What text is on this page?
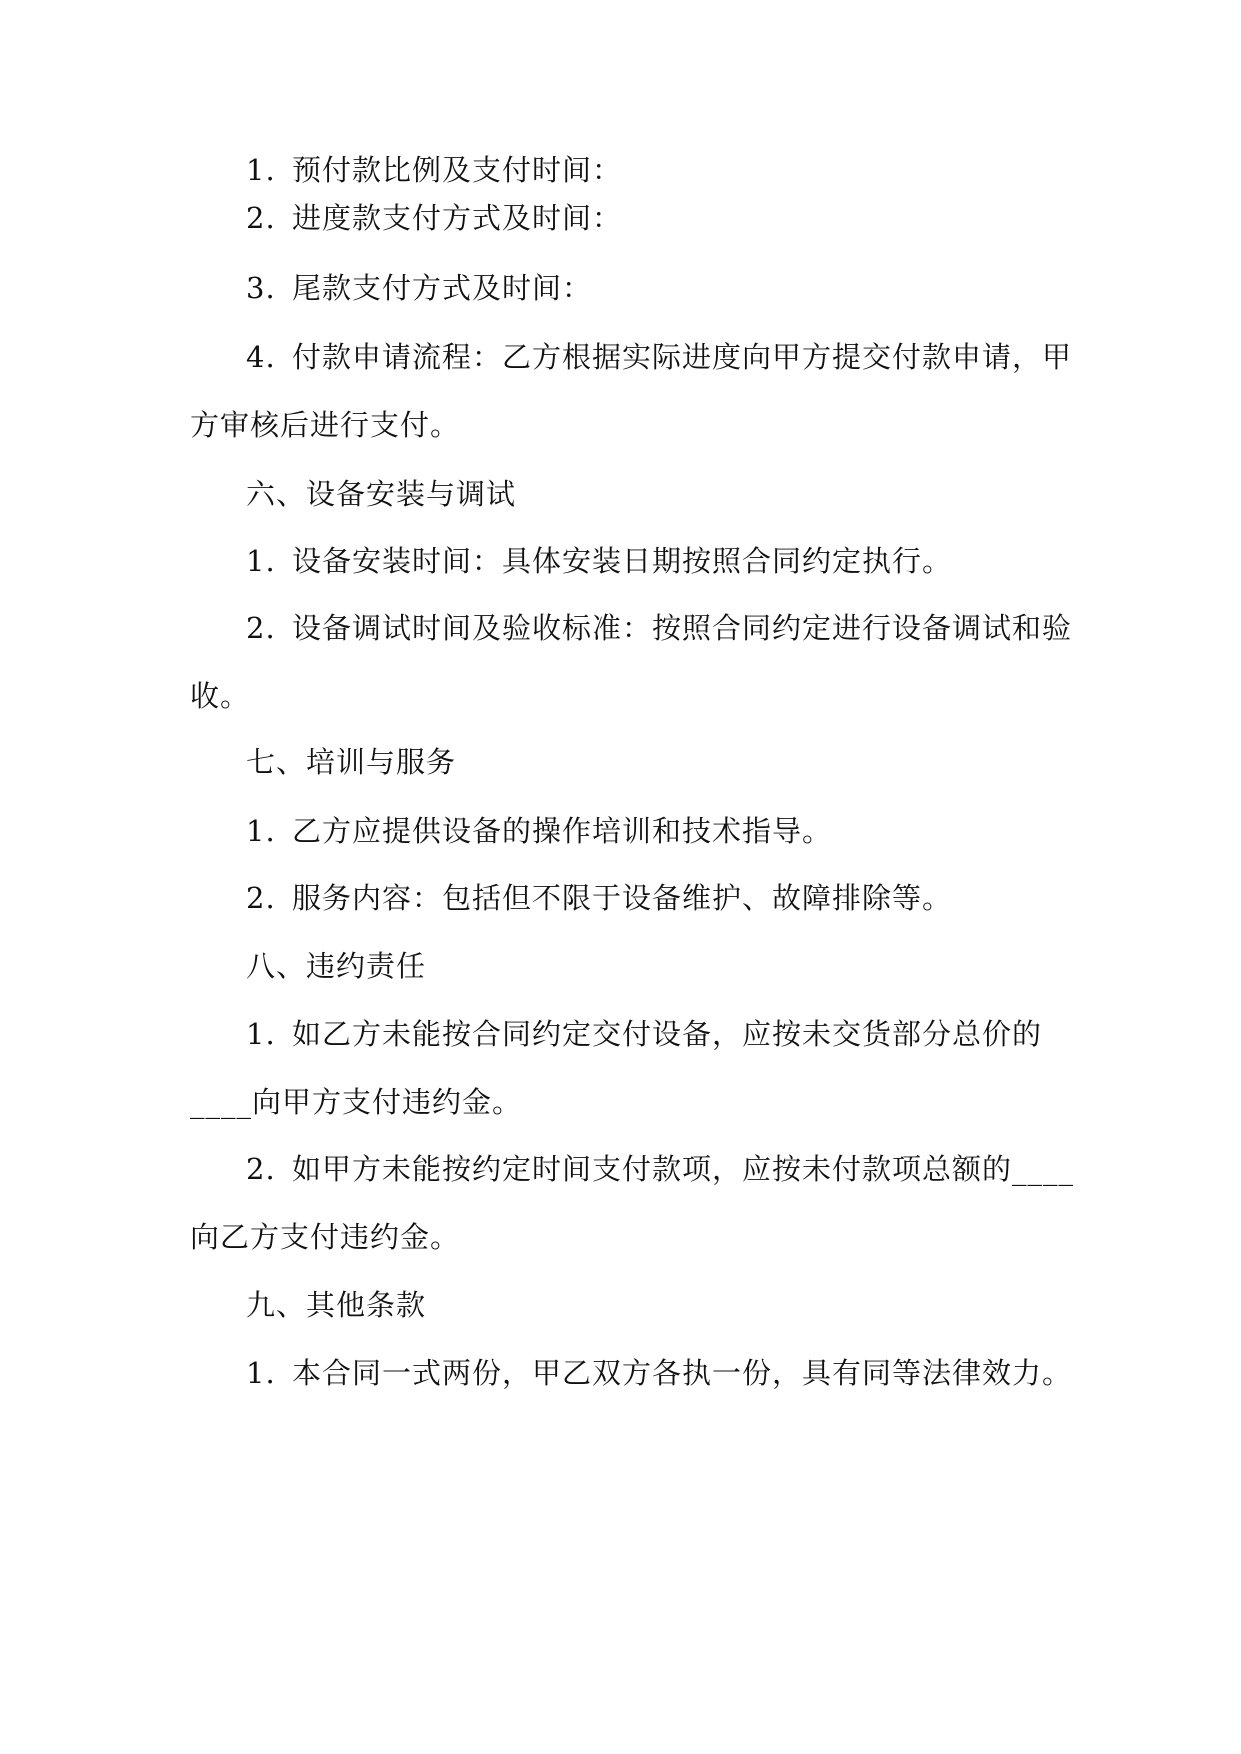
1. 预付款比例及支付时间：
2. 进度款支付方式及时间：
3. 尾款支付方式及时间：
4. 付款申请流程：乙方根据实际进度向甲方提交付款申请，甲
方审核后进行支付。
六、设备安装与调试
1. 设备安装时间：具体安装日期按照合同约定执行。
2. 设备调试时间及验收标准：按照合同约定进行设备调试和验
收。
七、培训与服务
1. 乙方应提供设备的操作培训和技术指导。
2. 服务内容：包括但不限于设备维护、故障排除等。
八、违约责任
1. 如乙方未能按合同约定交付设备，应按未交货部分总价的
____向甲方支付违约金。
2. 如甲方未能按约定时间支付款项，应按未付款项总额的____
向乙方支付违约金。
九、其他条款
1. 本合同一式两份，甲乙双方各执一份，具有同等法律效力。
